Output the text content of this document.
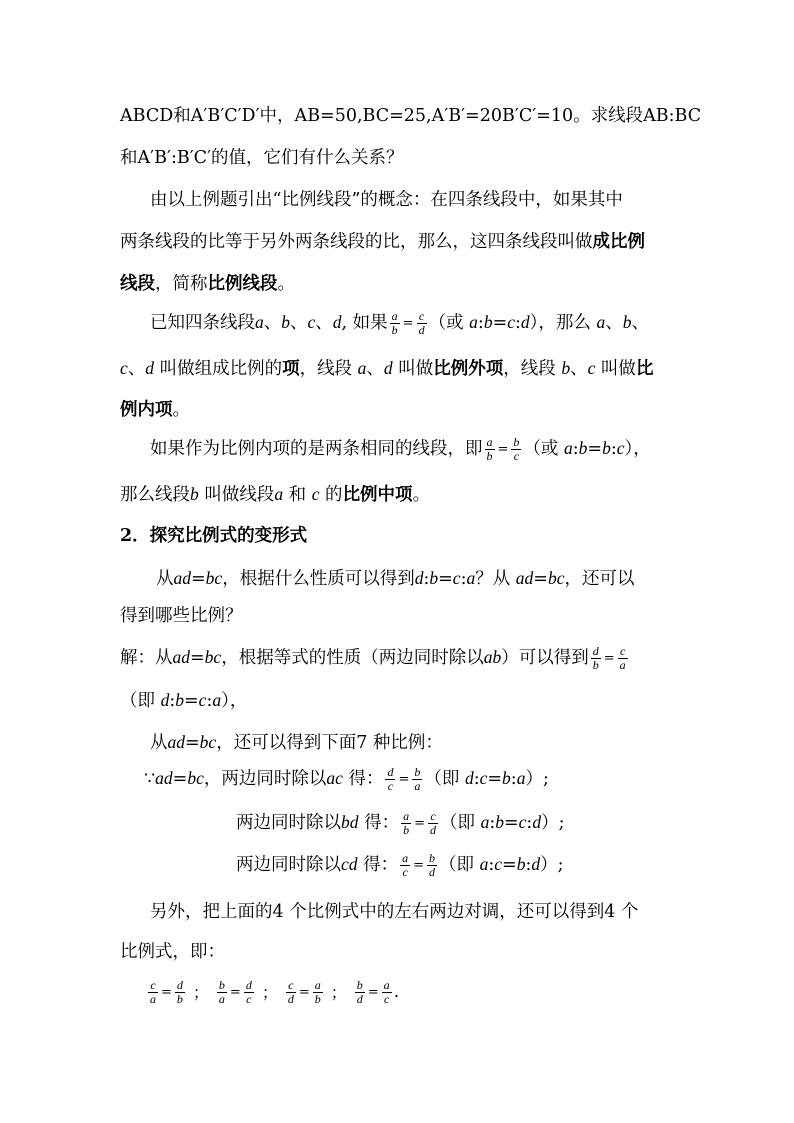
ABCD和A′B′C′D′中，AB=50,BC=25,A′B′=20B′C′=10。求线段AB:BC
和A′B′:B′C′的值，它们有什么关系？
由以上例题引出“比例线段”的概念：在四条线段中，如果其中
两条线段的比等于另外两条线段的比，那么，这四条线段叫做成比例
线段，简称比例线段。
已知四条线段a、b、c、d, 如果 $\frac{a}{b} = \frac{c}{d}$ （或 a:b=c:d），那么 a、b、
c、d 叫做组成比例的项，线段 a、d 叫做比例外项，线段 b、c 叫做比
例内项。
如果作为比例内项的是两条相同的线段，即 $\frac{a}{b} = \frac{b}{c}$ （或 a:b=b:c），
那么线段b 叫做线段a 和 c 的比例中项。
2．探究比例式的变形式
从ad=bc，根据什么性质可以得到d:b=c:a？从 ad=bc，还可以
得到哪些比例？
解：从ad=bc，根据等式的性质（两边同时除以ab）可以得到 $\frac{d}{b} = \frac{c}{a}$
（即 d:b=c:a），
从ad=bc，还可以得到下面7 种比例：
∵ad=bc，两边同时除以ac 得： $\frac{d}{c} = \frac{b}{a}$ （即 d:c=b:a）;
两边同时除以bd 得： $\frac{a}{b} = \frac{c}{d}$ （即 a:b=c:d）;
两边同时除以cd 得： $\frac{a}{c} = \frac{b}{d}$ （即 a:c=b:d）;
另外，把上面的4 个比例式中的左右两边对调，还可以得到4 个
比例式，即：
$\frac{c}{a} = \frac{d}{b}$ ； $\frac{b}{a} = \frac{d}{c}$ ； $\frac{c}{d} = \frac{a}{b}$ ； $\frac{b}{d} = \frac{a}{c}$ .
